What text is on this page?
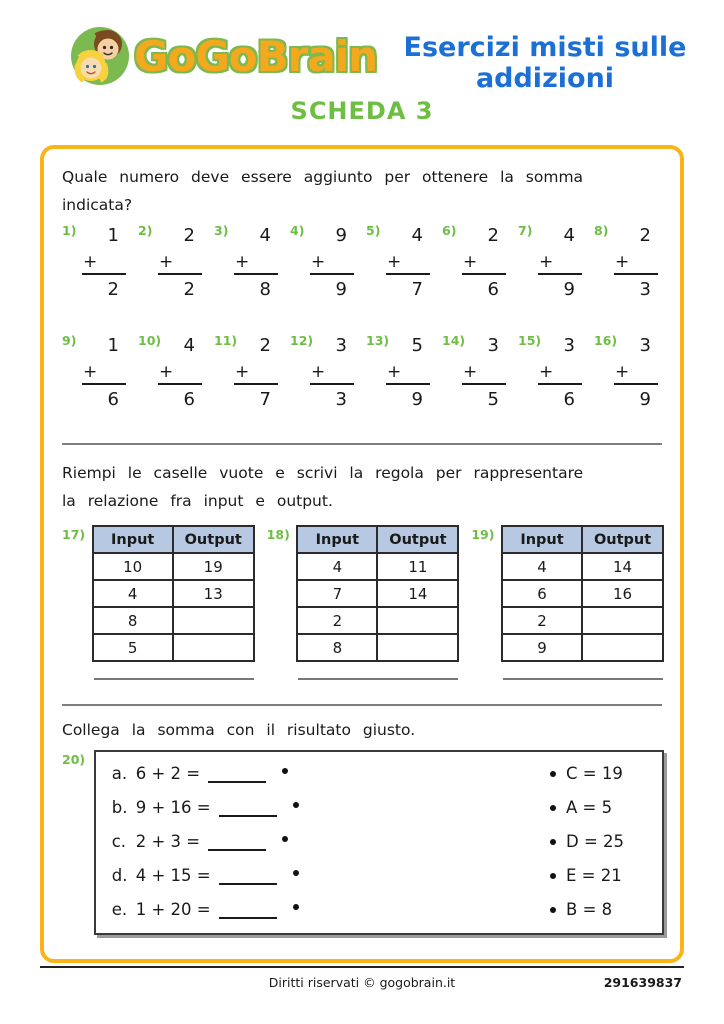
GoGoBrain Esercizi misti sulle
addizioni
SCHEDA 3
Quale numero deve essere aggiunto per ottenere la somma
indicata?
1)	1
+
2
2)	2
+
2
3)	4
+
8
4)	9
+
9
5)	4
+
7
6)	2
+
6
7)	4
+
9
8)	2
+
3
9)	1
+
6
10)	4
+
6
11)	2
+
7
12)	3
+
3
13)	5
+
9
14)	3
+
5
15)	3
+
6
16)	3
+
9
Riempi le caselle vuote e scrivi la regola per rappresentare
la relazione fra input e output.
17) Input	Output
10	19
4	13
8	
5	
18) Input	Output
4	11
7	14
2	
8	
19) Input	Output
4	14
6	16
2	
9	
Collega la somma con il risultato giusto.
20)
a. 6 + 2 =	C = 19
b. 9 + 16 =	A = 5
c. 2 + 3 =	D = 25
d. 4 + 15 =	E = 21
e. 1 + 20 =	B = 8
Diritti riservati © gogobrain.it	291639837
